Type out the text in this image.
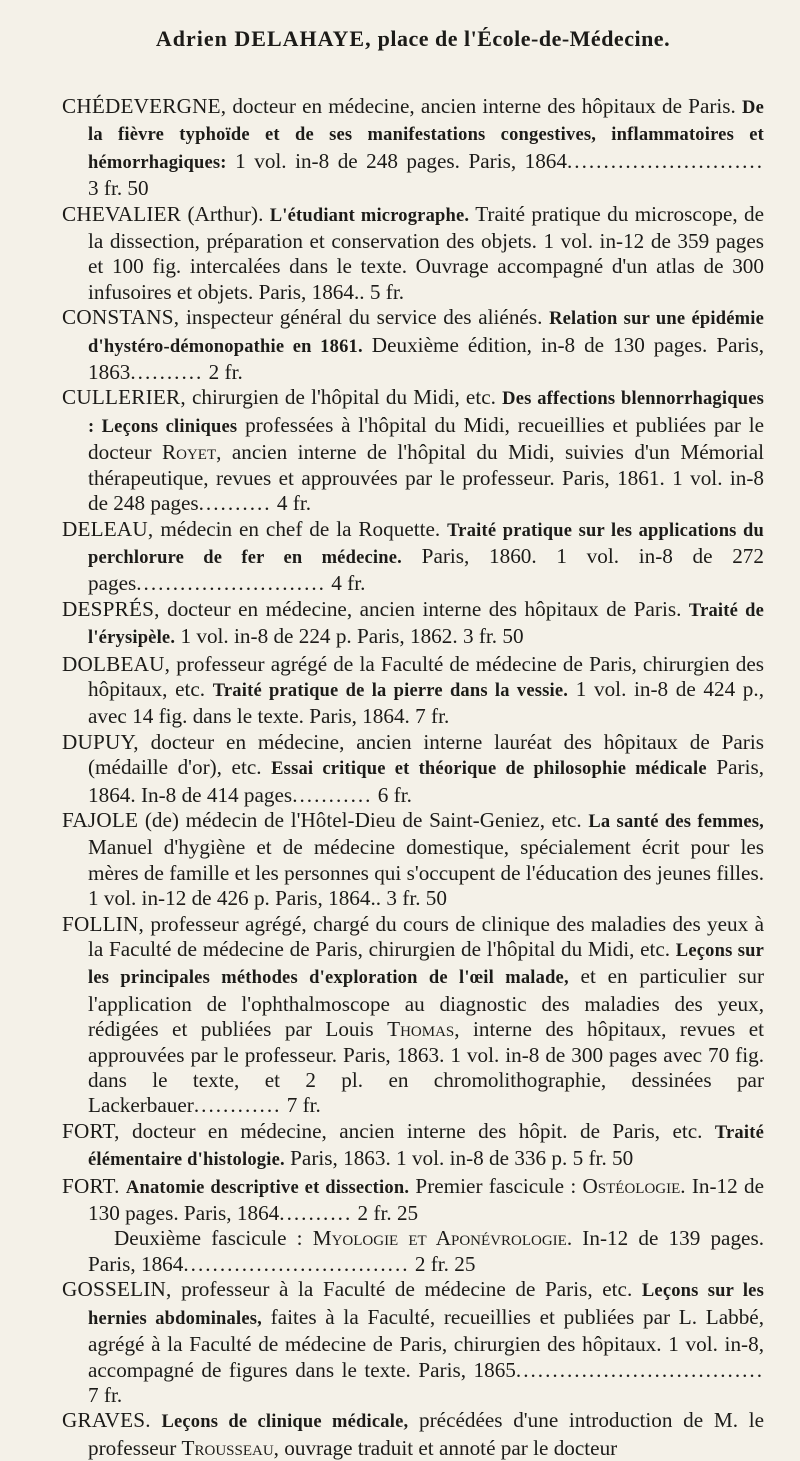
Adrien DELAHAYE, place de l'École-de-Médecine.

CHÉDEVERGNE, docteur en médecine, ancien interne des hôpitaux de Paris. De la fièvre typhoïde et de ses manifestations congestives, inflammatoires et hémorrhagiques: 1 vol. in-8 de 248 pages. Paris, 1864........................... 3 fr. 50

CHEVALIER (Arthur). L'étudiant micrographe. Traité pratique du microscope, de la dissection, préparation et conservation des objets. 1 vol. in-12 de 359 pages et 100 fig. intercalées dans le texte. Ouvrage accompagné d'un atlas de 300 infusoires et objets. Paris, 1864.. 5 fr.

CONSTANS, inspecteur général du service des aliénés. Relation sur une épidémie d'hystéro-démonopathie en 1861. Deuxième édition, in-8 de 130 pages. Paris, 1863.......... 2 fr.

CULLERIER, chirurgien de l'hôpital du Midi, etc. Des affections blennorrhagiques : Leçons cliniques professées à l'hôpital du Midi, recueillies et publiées par le docteur Royet, ancien interne de l'hôpital du Midi, suivies d'un Mémorial thérapeutique, revues et approuvées par le professeur. Paris, 1861. 1 vol. in-8 de 248 pages.......... 4 fr.

DELEAU, médecin en chef de la Roquette. Traité pratique sur les applications du perchlorure de fer en médecine. Paris, 1860. 1 vol. in-8 de 272 pages.......................... 4 fr.

DESPRÉS, docteur en médecine, ancien interne des hôpitaux de Paris. Traité de l'érysipèle. 1 vol. in-8 de 224 p. Paris, 1862. 3 fr. 50

DOLBEAU, professeur agrégé de la Faculté de médecine de Paris, chirurgien des hôpitaux, etc. Traité pratique de la pierre dans la vessie. 1 vol. in-8 de 424 p., avec 14 fig. dans le texte. Paris, 1864. 7 fr.

DUPUY, docteur en médecine, ancien interne lauréat des hôpitaux de Paris (médaille d'or), etc. Essai critique et théorique de philosophie médicale Paris, 1864. In-8 de 414 pages........... 6 fr.

FAJOLE (de) médecin de l'Hôtel-Dieu de Saint-Geniez, etc. La santé des femmes, Manuel d'hygiène et de médecine domestique, spécialement écrit pour les mères de famille et les personnes qui s'occupent de l'éducation des jeunes filles. 1 vol. in-12 de 426 p. Paris, 1864.. 3 fr. 50

FOLLIN, professeur agrégé, chargé du cours de clinique des maladies des yeux à la Faculté de médecine de Paris, chirurgien de l'hôpital du Midi, etc. Leçons sur les principales méthodes d'exploration de l'œil malade, et en particulier sur l'application de l'ophthalmoscope au diagnostic des maladies des yeux, rédigées et publiées par Louis Thomas, interne des hôpitaux, revues et approuvées par le professeur. Paris, 1863. 1 vol. in-8 de 300 pages avec 70 fig. dans le texte, et 2 pl. en chromolithographie, dessinées par Lackerbauer............ 7 fr.

FORT, docteur en médecine, ancien interne des hôpit. de Paris, etc. Traité élémentaire d'histologie. Paris, 1863. 1 vol. in-8 de 336 p. 5 fr. 50

FORT. Anatomie descriptive et dissection. Premier fascicule : Ostéologie. In-12 de 130 pages. Paris, 1864.......... 2 fr. 25

Deuxième fascicule : Myologie et Aponévrologie. In-12 de 139 pages. Paris, 1864............................... 2 fr. 25

GOSSELIN, professeur à la Faculté de médecine de Paris, etc. Leçons sur les hernies abdominales, faites à la Faculté, recueillies et publiées par L. Labbé, agrégé à la Faculté de médecine de Paris, chirurgien des hôpitaux. 1 vol. in-8, accompagné de figures dans le texte. Paris, 1865.................................. 7 fr.

GRAVES. Leçons de clinique médicale, précédées d'une introduction de M. le professeur Trousseau, ouvrage traduit et annoté par le docteur
